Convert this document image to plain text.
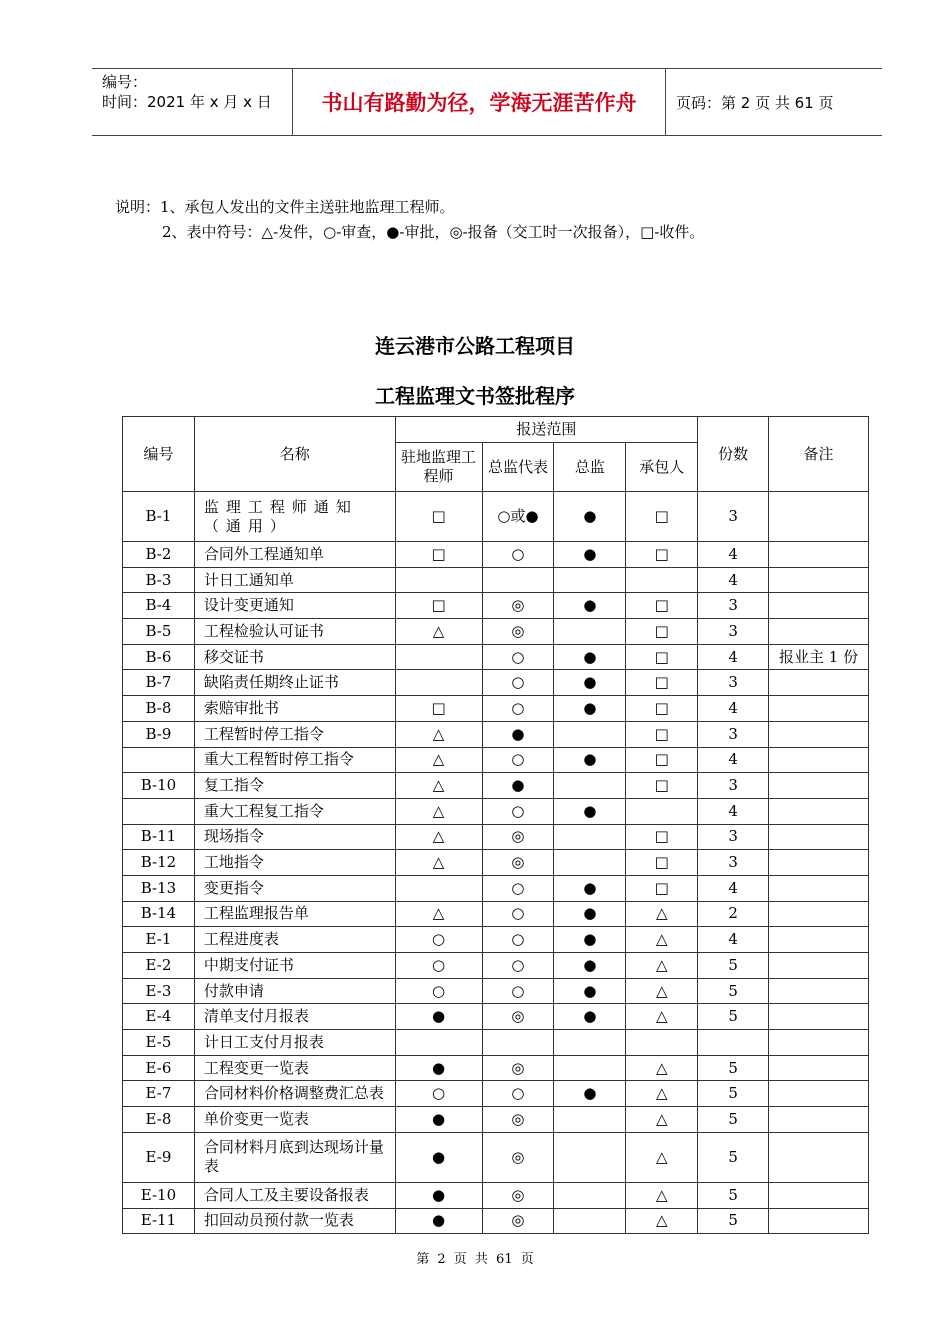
编号：
时间：2021 年 x 月 x 日	书山有路勤为径，学海无涯苦作舟	页码：第 2 页 共 61 页
说明：1、承包人发出的文件主送驻地监理工程师。
2、表中符号：△-发件，○-审查，●-审批，◎-报备（交工时一次报备），□-收件。
连云港市公路工程项目
工程监理文书签批程序
编号	名称	报送范围				份数	备注
		驻地监理工程师	总监代表	总监	承包人		
B-1	监理工程师通知（通用）	□	○或●	●	□	3	
B-2	合同外工程通知单	□	○	●	□	4	
B-3	计日工通知单					4	
B-4	设计变更通知	□	◎	●	□	3	
B-5	工程检验认可证书	△	◎		□	3	
B-6	移交证书		○	●	□	4	报业主 1 份
B-7	缺陷责任期终止证书		○	●	□	3	
B-8	索赔审批书	□	○	●	□	4	
B-9	工程暂时停工指令	△	●		□	3	
	重大工程暂时停工指令	△	○	●	□	4	
B-10	复工指令	△	●		□	3	
	重大工程复工指令	△	○	●		4	
B-11	现场指令	△	◎		□	3	
B-12	工地指令	△	◎		□	3	
B-13	变更指令		○	●	□	4	
B-14	工程监理报告单	△	○	●	△	2	
E-1	工程进度表	○	○	●	△	4	
E-2	中期支付证书	○	○	●	△	5	
E-3	付款申请	○	○	●	△	5	
E-4	清单支付月报表	●	◎	●	△	5	
E-5	计日工支付月报表						
E-6	工程变更一览表	●	◎		△	5	
E-7	合同材料价格调整费汇总表	○	○	●	△	5	
E-8	单价变更一览表	●	◎		△	5	
E-9	合同材料月底到达现场计量表	●	◎		△	5	
E-10	合同人工及主要设备报表	●	◎		△	5	
E-11	扣回动员预付款一览表	●	◎		△	5	
第 2 页 共 61 页
